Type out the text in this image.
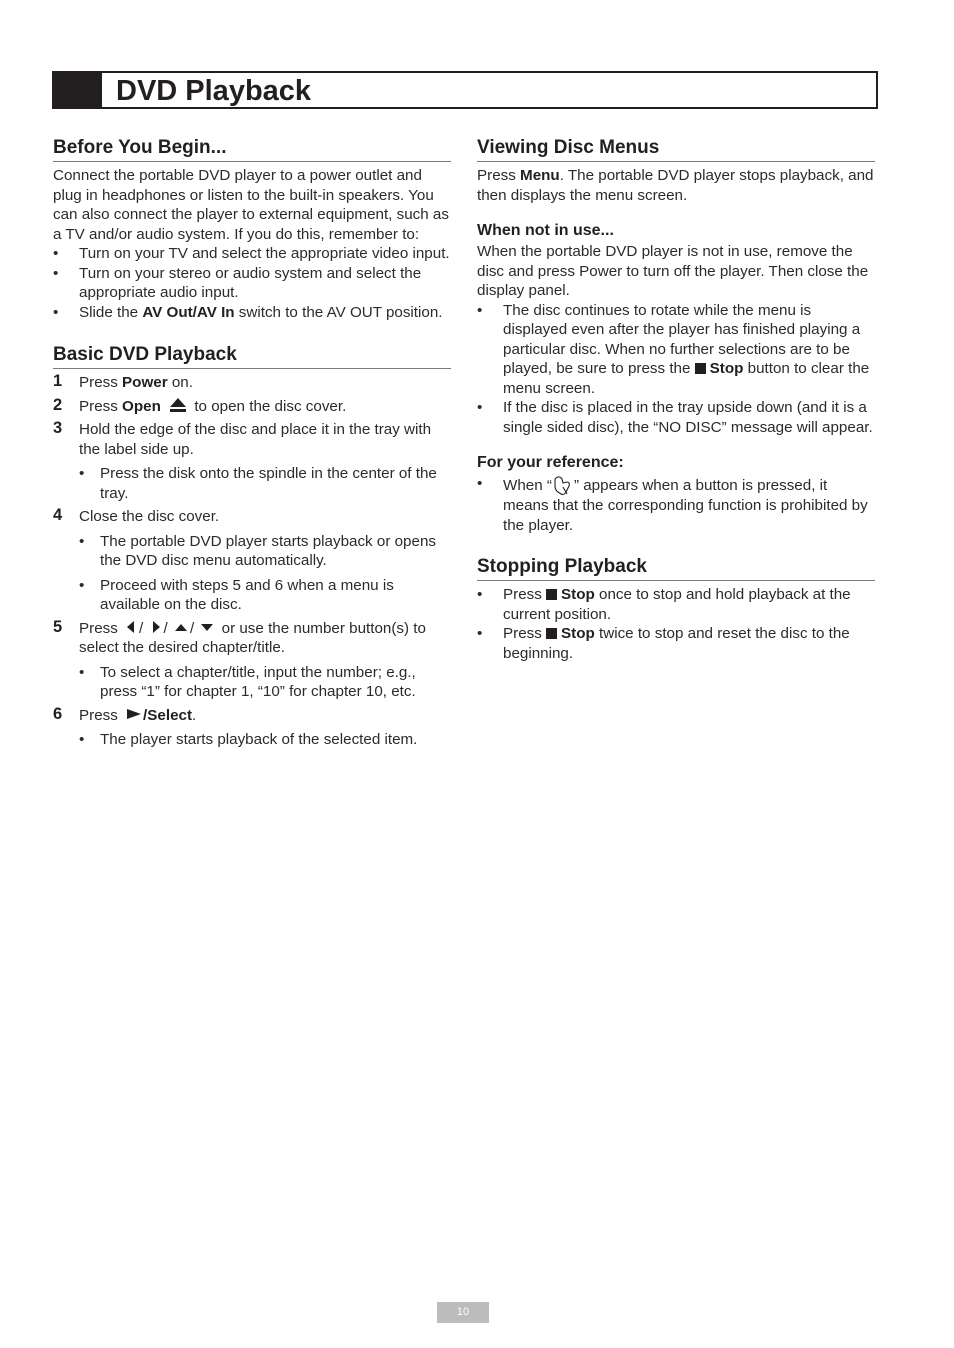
DVD Playback
Before You Begin...

Connect the portable DVD player to a power outlet and plug in headphones or listen to the built-in speakers. You can also connect the player to external equipment, such as a TV and/or audio system. If you do this, remember to:

• Turn on your TV and select the appropriate video input.
• Turn on your stereo or audio system and select the appropriate audio input.
• Slide the AV Out/AV In switch to the AV OUT position.
Basic DVD Playback
1 Press Power on.
2 Press Open  to open the disc cover.
3 Hold the edge of the disc and place it in the tray with the label side up.
• Press the disk onto the spindle in the center of the tray.
4 Close the disc cover.
• The portable DVD player starts playback or opens the DVD disc menu automatically.
• Proceed with steps 5 and 6 when a menu is available on the disc.
5 Press / / /  or use the number button(s) to select the desired chapter/title.
• To select a chapter/title, input the number; e.g., press “1” for chapter 1, “10” for chapter 10, etc.
6 Press /Select.
• The player starts playback of the selected item.
Viewing Disc Menus

Press Menu. The portable DVD player stops playback, and then displays the menu screen.

When not in use...

When the portable DVD player is not in use, remove the disc and press Power to turn off the player. Then close the display panel.

• The disc continues to rotate while the menu is displayed even after the player has finished playing a particular disc. When no further selections are to be played, be sure to press the Stop button to clear the menu screen.
• If the disc is placed in the tray upside down (and it is a single sided disc), the “NO DISC” message will appear.
For your reference:
• When “ ” appears when a button is pressed, it means that the corresponding function is prohibited by the player.
Stopping Playback
• Press Stop once to stop and hold playback at the current position.
• Press Stop twice to stop and reset the disc to the beginning.
10
